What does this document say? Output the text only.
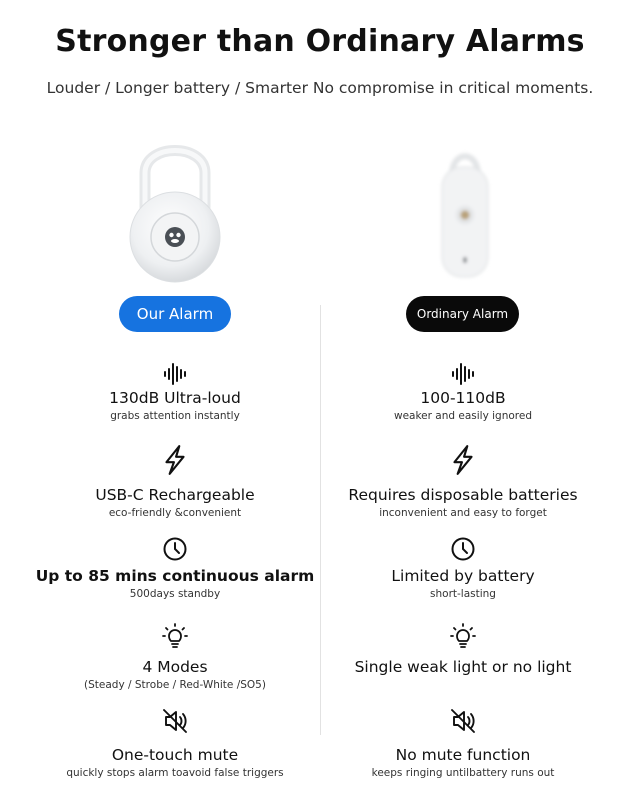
Stronger than Ordinary Alarms
Louder / Longer battery / Smarter No compromise in critical moments.
Our Alarm	Ordinary Alarm
130dB Ultra-loud
grabs attention instantly
USB-C Rechargeable
eco-friendly &convenient
Up to 85 mins continuous alarm
500days standby
4 Modes
(Steady / Strobe / Red-White /SO5)
One-touch mute
quickly stops alarm toavoid false triggers
100-110dB
weaker and easily ignored
Requires disposable batteries
inconvenient and easy to forget
Limited by battery
short-lasting
Single weak light or no light
No mute function
keeps ringing untilbattery runs out
